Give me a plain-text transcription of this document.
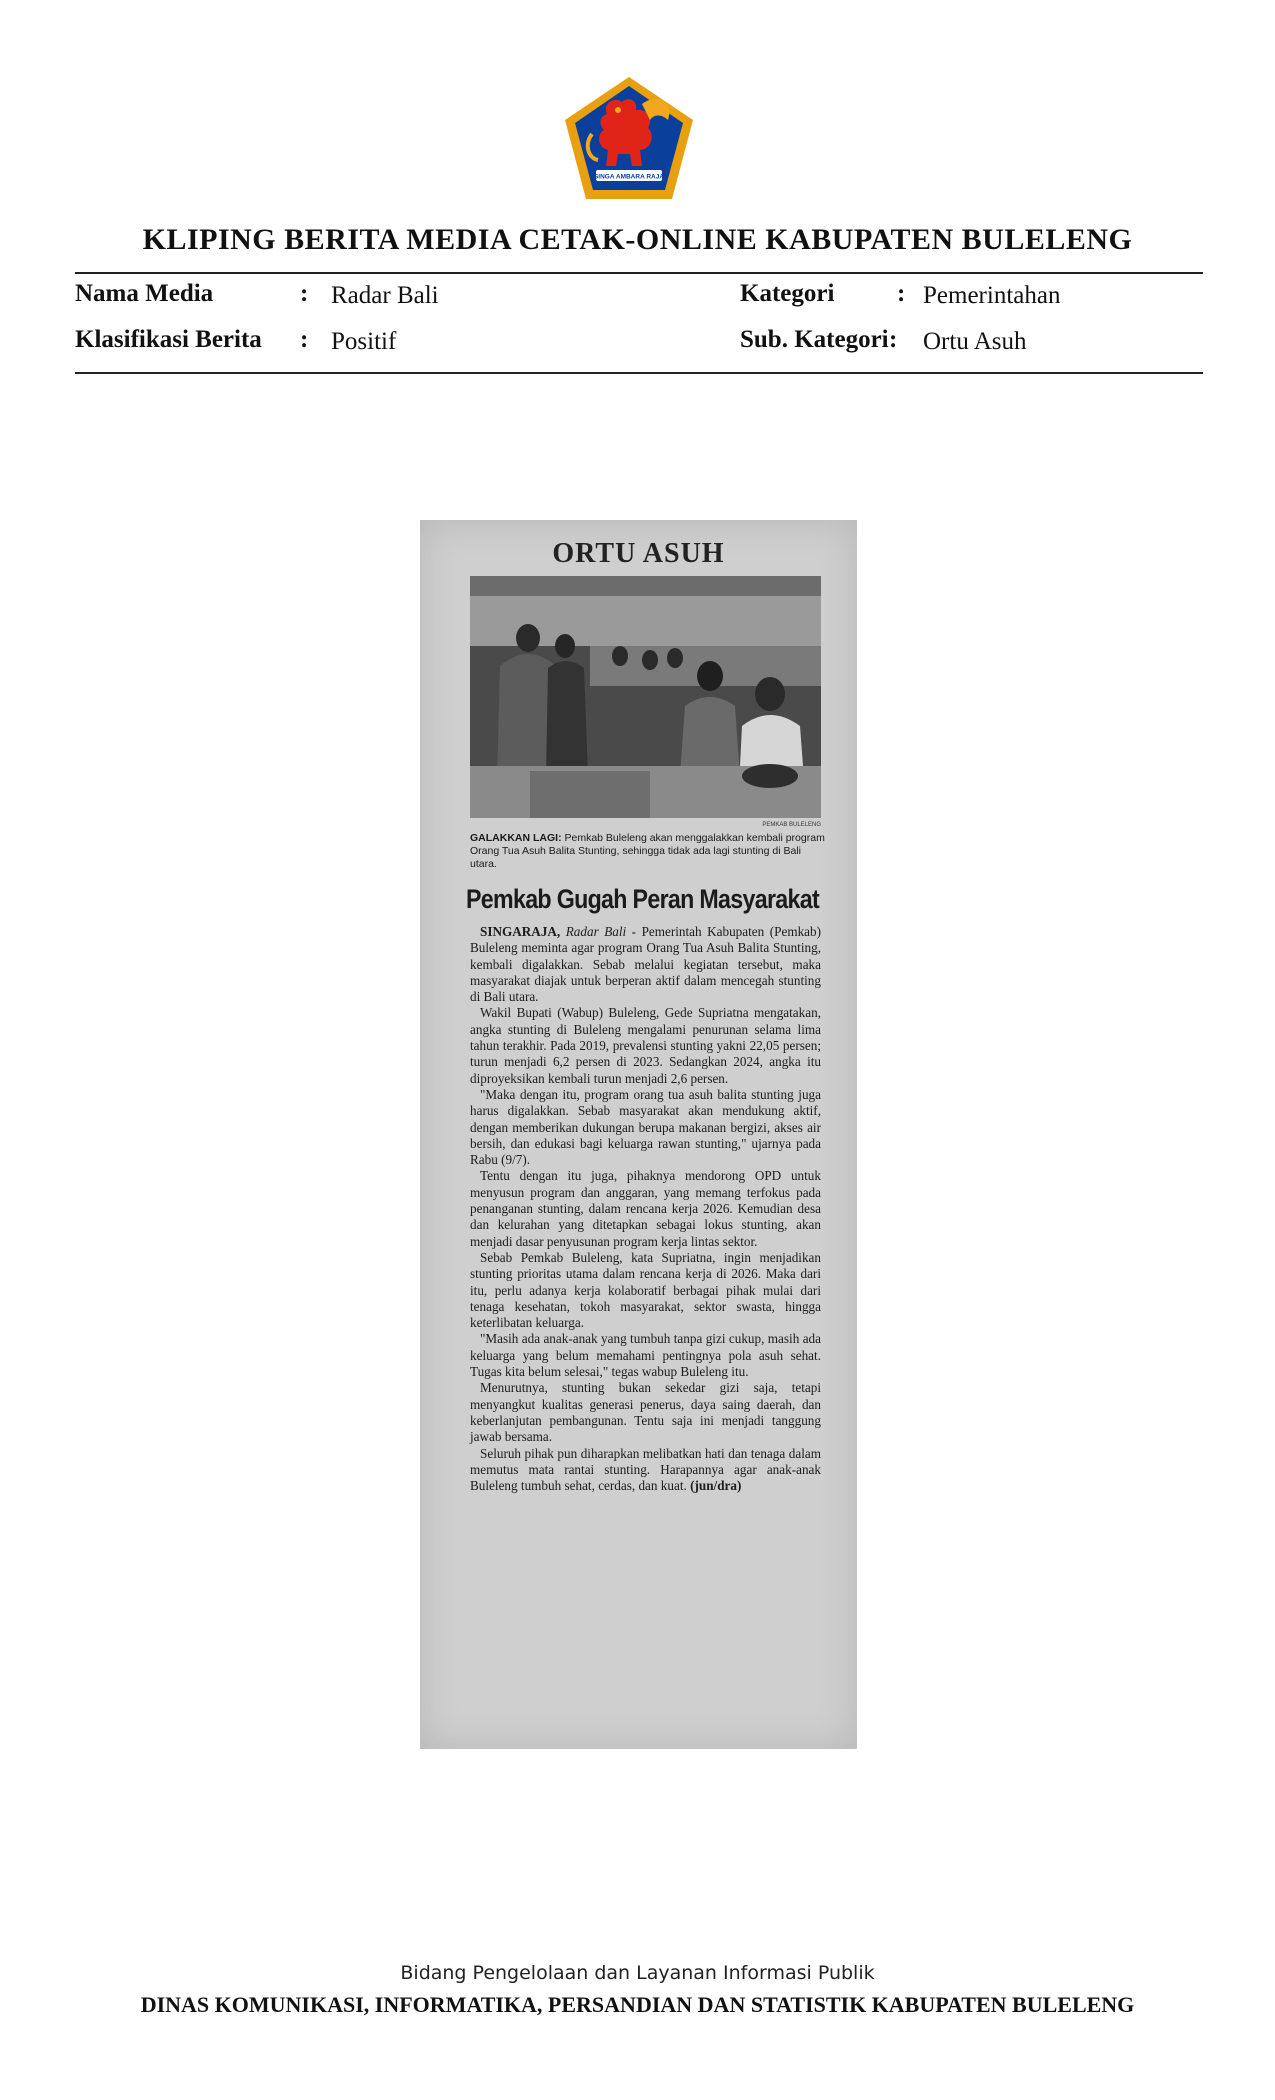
SINGA AMBARA RAJA
KLIPING BERITA MEDIA CETAK-ONLINE KABUPATEN BULELENG
Nama Media	: Radar Bali
Klasifikasi Berita : Positif
Kategori	: Pemerintahan
Sub. Kategori : Ortu Asuh
ORTU ASUH
PEMKAB BULELENG
GALAKKAN LAGI: Pemkab Buleleng akan menggalakkan kembali program Orang Tua Asuh Balita Stunting, sehingga tidak ada lagi stunting di Bali utara.
Pemkab Gugah Peran Masyarakat

SINGARAJA, Radar Bali - Pemerintah Kabupaten (Pemkab) Buleleng meminta agar program Orang Tua Asuh Balita Stunting, kembali digalakkan. Sebab melalui kegiatan tersebut, maka masyarakat diajak untuk berperan aktif dalam mencegah stunting di Bali utara.

Wakil Bupati (Wabup) Buleleng, Gede Supriatna mengatakan, angka stunting di Buleleng mengalami penurunan selama lima tahun terakhir. Pada 2019, prevalensi stunting yakni 22,05 persen; turun menjadi 6,2 persen di 2023. Sedangkan 2024, angka itu diproyeksikan kembali turun menjadi 2,6 persen.

"Maka dengan itu, program orang tua asuh balita stunting juga harus digalakkan. Sebab masyarakat akan mendukung aktif, dengan memberikan dukungan berupa makanan bergizi, akses air bersih, dan edukasi bagi keluarga rawan stunting," ujarnya pada Rabu (9/7).

Tentu dengan itu juga, pihaknya mendorong OPD untuk menyusun program dan anggaran, yang memang terfokus pada penanganan stunting, dalam rencana kerja 2026. Kemudian desa dan kelurahan yang ditetapkan sebagai lokus stunting, akan menjadi dasar penyusunan program kerja lintas sektor.

Sebab Pemkab Buleleng, kata Supriatna, ingin menjadikan stunting prioritas utama dalam rencana kerja di 2026. Maka dari itu, perlu adanya kerja kolaboratif berbagai pihak mulai dari tenaga kesehatan, tokoh masyarakat, sektor swasta, hingga keterlibatan keluarga.

"Masih ada anak-anak yang tumbuh tanpa gizi cukup, masih ada keluarga yang belum memahami pentingnya pola asuh sehat. Tugas kita belum selesai," tegas wabup Buleleng itu.

Menurutnya, stunting bukan sekedar gizi saja, tetapi menyangkut kualitas generasi penerus, daya saing daerah, dan keberlanjutan pembangunan. Tentu saja ini menjadi tanggung jawab bersama.

Seluruh pihak pun diharapkan melibatkan hati dan tenaga dalam memutus mata rantai stunting. Harapannya agar anak-anak Buleleng tumbuh sehat, cerdas, dan kuat. (jun/dra)

Bidang Pengelolaan dan Layanan Informasi Publik
DINAS KOMUNIKASI, INFORMATIKA, PERSANDIAN DAN STATISTIK KABUPATEN BULELENG
